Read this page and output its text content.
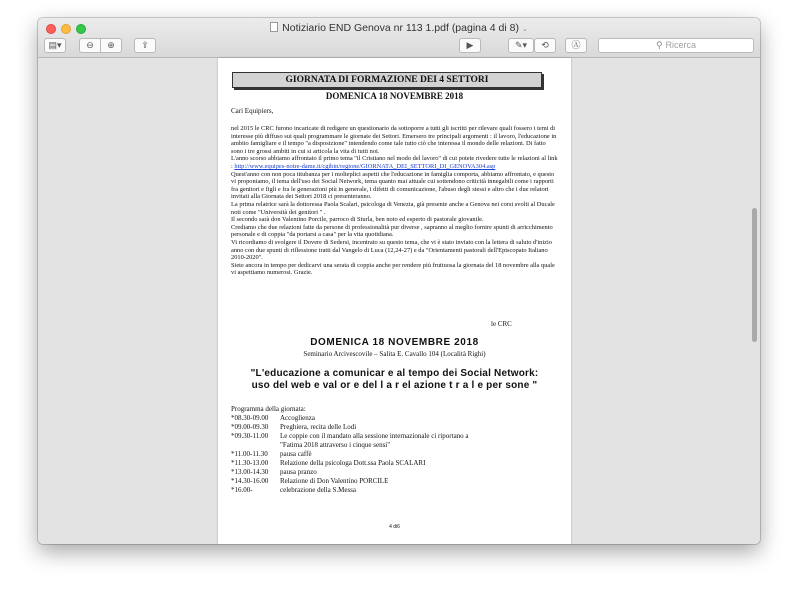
Notiziario END Genova nr 113 1.pdf (pagina 4 di 8) ⌄
▤▾	⊖	⊕	⇪	▶	✎▾	⟲	Ⓐ	⚲ Ricerca
GIORNATA DI FORMAZIONE DEI 4 SETTORI
DOMENICA 18 NOVEMBRE 2018
Cari Equipiers,

nel 2015 le CRC furono incaricate di redigere un questionario da sottoporre a tutti gli iscritti per rilevare quali fossero i temi di interesse più diffuso sui quali programmare le giornate dei Settori. Emersero tre principali argomenti : il lavoro, l'educazione in ambito famigliare e il tempo "a disposizione" intendendo come tale tutto ciò che interessa il mondo delle relazioni. Di fatto sono i tre grossi ambiti in cui si articola la vita di tutti noi.

L'anno scorso abbiamo affrontato il primo tema "il Cristiano nel modo del lavoro" di cui potete rivedere tutte le relazioni al link : http://www.equipes-notre-dame.it/cgibin/regione/GIORNATA_DEI_SETTORI_DI_GENOVA304.asp

Quest'anno con non poca titubanza per i molteplici aspetti che l'educazione in famiglia comporta, abbiamo affrontato, e questo vi proponiamo, il tema dell'uso dei Social Network, tema quanto mai attuale cui sottendono criticità innegabili come i rapporti fra genitori e figli e fra le generazioni più in generale, i difetti di comunicazione, l'abuso degli stessi e altro che i due relatori invitati alla Giornata dei Settori 2018 ci presenteranno.

La prima relatrice sarà la dottoressa Paola Scalari, psicologa di Venezia, già presente anche a Genova nei corsi svolti al Ducale noti come "Università dei genitori " .

Il secondo sarà don Valentino Porcile, parroco di Sturla, ben noto ed esperto di pastorale giovanile.

Crediamo che due relazioni fatte da persone di professionalità pur diverse , sapranno al meglio fornire spunti di arricchimento personale e di coppia "da portarsi a casa" per la vita quotidiana.

Vi ricordiamo di svolgere il Dovere di Sedersi, incentrato su questo tema, che vi è stato inviato con la lettera di saluto d'inizio anno con due spunti di riflessione tratti dal Vangelo di Luca (12,24-27) e da "Orientamenti pastorali dell'Episcopato Italiano 2010-2020".

Siete ancora in tempo per dedicarvi una serata di coppia anche per rendere più fruttuosa la giornata del 18 novembre alla quale vi aspettiamo numerosi. Grazie.

le CRC
DOMENICA 18 NOVEMBRE 2018
Seminario Arcivescovile – Salita E. Cavallo 104 (Località Righi)
"L'educazione a comunicar e al tempo dei Social Network:
uso del web e val or e del l a r el azione t r a l e per sone "
Programma della giornata:
*08.30-09.00	Accoglienza
*09.00-09.30	Preghiera, recita delle Lodi
*09.30-11.00	Le coppie con il mandato alla sessione internazionale ci riportano a
"Fatima 2018 attraverso i cinque sensi"
*11.00-11.30	pausa caffè
*11.30-13.00	Relazione della psicologa Dott.ssa Paola SCALARI
*13.00-14.30	pausa pranzo
*14.30-16.00	Relazione di Don Valentino PORCILE
*16.00-	celebrazione della S.Messa
4 di6
